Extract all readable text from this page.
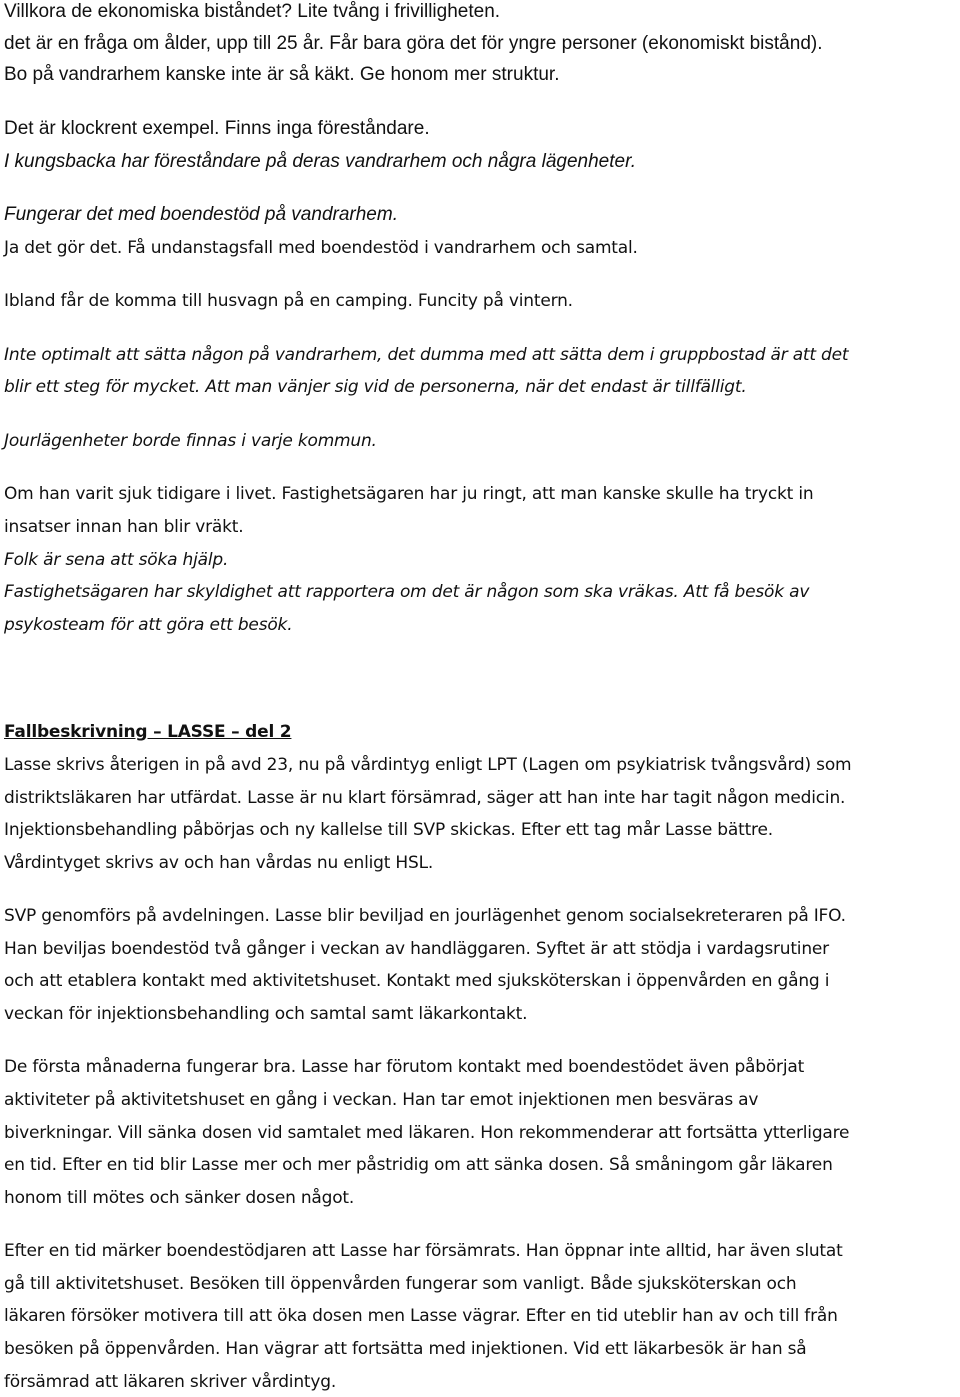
Villkora de ekonomiska biståndet? Lite tvång i frivilligheten.
det är en fråga om ålder, upp till 25 år. Får bara göra det för yngre personer (ekonomiskt bistånd).
Bo på vandrarhem kanske inte är så käkt. Ge honom mer struktur.
Det är klockrent exempel. Finns inga föreståndare.
I kungsbacka har föreståndare på deras vandrarhem och några lägenheter.
Fungerar det med boendestöd på vandrarhem.
Ja det gör det. Få undanstagsfall med boendestöd i vandrarhem och samtal.
Ibland får de komma till husvagn på en camping. Funcity på vintern.
Inte optimalt att sätta någon på vandrarhem, det dumma med att sätta dem i gruppbostad är att det
blir ett steg för mycket. Att man vänjer sig vid de personerna, när det endast är tillfälligt.
Jourlägenheter borde finnas i varje kommun.
Om han varit sjuk tidigare i livet. Fastighetsägaren har ju ringt, att man kanske skulle ha tryckt in
insatser innan han blir vräkt.
Folk är sena att söka hjälp.
Fastighetsägaren har skyldighet att rapportera om det är någon som ska vräkas. Att få besök av
psykosteam för att göra ett besök.
Fallbeskrivning – LASSE – del 2
Lasse skrivs återigen in på avd 23, nu på vårdintyg enligt LPT (Lagen om psykiatrisk tvångsvård) som
distriktsläkaren har utfärdat. Lasse är nu klart försämrad, säger att han inte har tagit någon medicin.
Injektionsbehandling påbörjas och ny kallelse till SVP skickas. Efter ett tag mår Lasse bättre.
Vårdintyget skrivs av och han vårdas nu enligt HSL.
SVP genomförs på avdelningen. Lasse blir beviljad en jourlägenhet genom socialsekreteraren på IFO.
Han beviljas boendestöd två gånger i veckan av handläggaren. Syftet är att stödja i vardagsrutiner
och att etablera kontakt med aktivitetshuset. Kontakt med sjuksköterskan i öppenvården en gång i
veckan för injektionsbehandling och samtal samt läkarkontakt.
De första månaderna fungerar bra. Lasse har förutom kontakt med boendestödet även påbörjat
aktiviteter på aktivitetshuset en gång i veckan. Han tar emot injektionen men besväras av
biverkningar. Vill sänka dosen vid samtalet med läkaren. Hon rekommenderar att fortsätta ytterligare
en tid. Efter en tid blir Lasse mer och mer påstridig om att sänka dosen. Så småningom går läkaren
honom till mötes och sänker dosen något.
Efter en tid märker boendestödjaren att Lasse har försämrats. Han öppnar inte alltid, har även slutat
gå till aktivitetshuset. Besöken till öppenvården fungerar som vanligt. Både sjuksköterskan och
läkaren försöker motivera till att öka dosen men Lasse vägrar. Efter en tid uteblir han av och till från
besöken på öppenvården. Han vägrar att fortsätta med injektionen. Vid ett läkarbesök är han så
försämrad att läkaren skriver vårdintyg.
